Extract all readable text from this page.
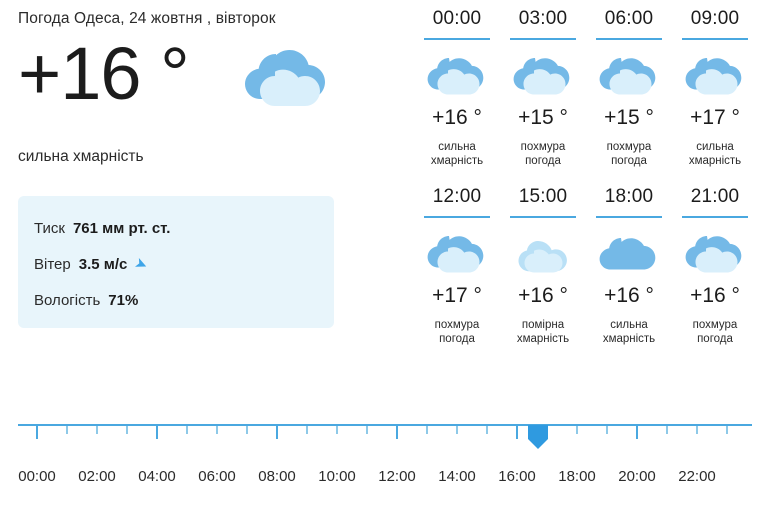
Погода Одеса, 24 жовтня , вівторок
+16 °
сильна хмарність
Тиск 761 мм рт. ст.
Вітер 3.5 м/с ➤
Вологість 71%
00:00
+16 °
сильна
хмарність
03:00
+15 °
похмура
погода
06:00
+15 °
похмура
погода
09:00
+17 °
сильна
хмарність
12:00
+17 °
похмура
погода
15:00
+16 °
помірна
хмарність
18:00
+16 °
сильна
хмарність
21:00
+16 °
похмура
погода
00:00 02:00 04:00 06:00 08:00 10:00 12:00 14:00 16:00 18:00 20:00 22:00
